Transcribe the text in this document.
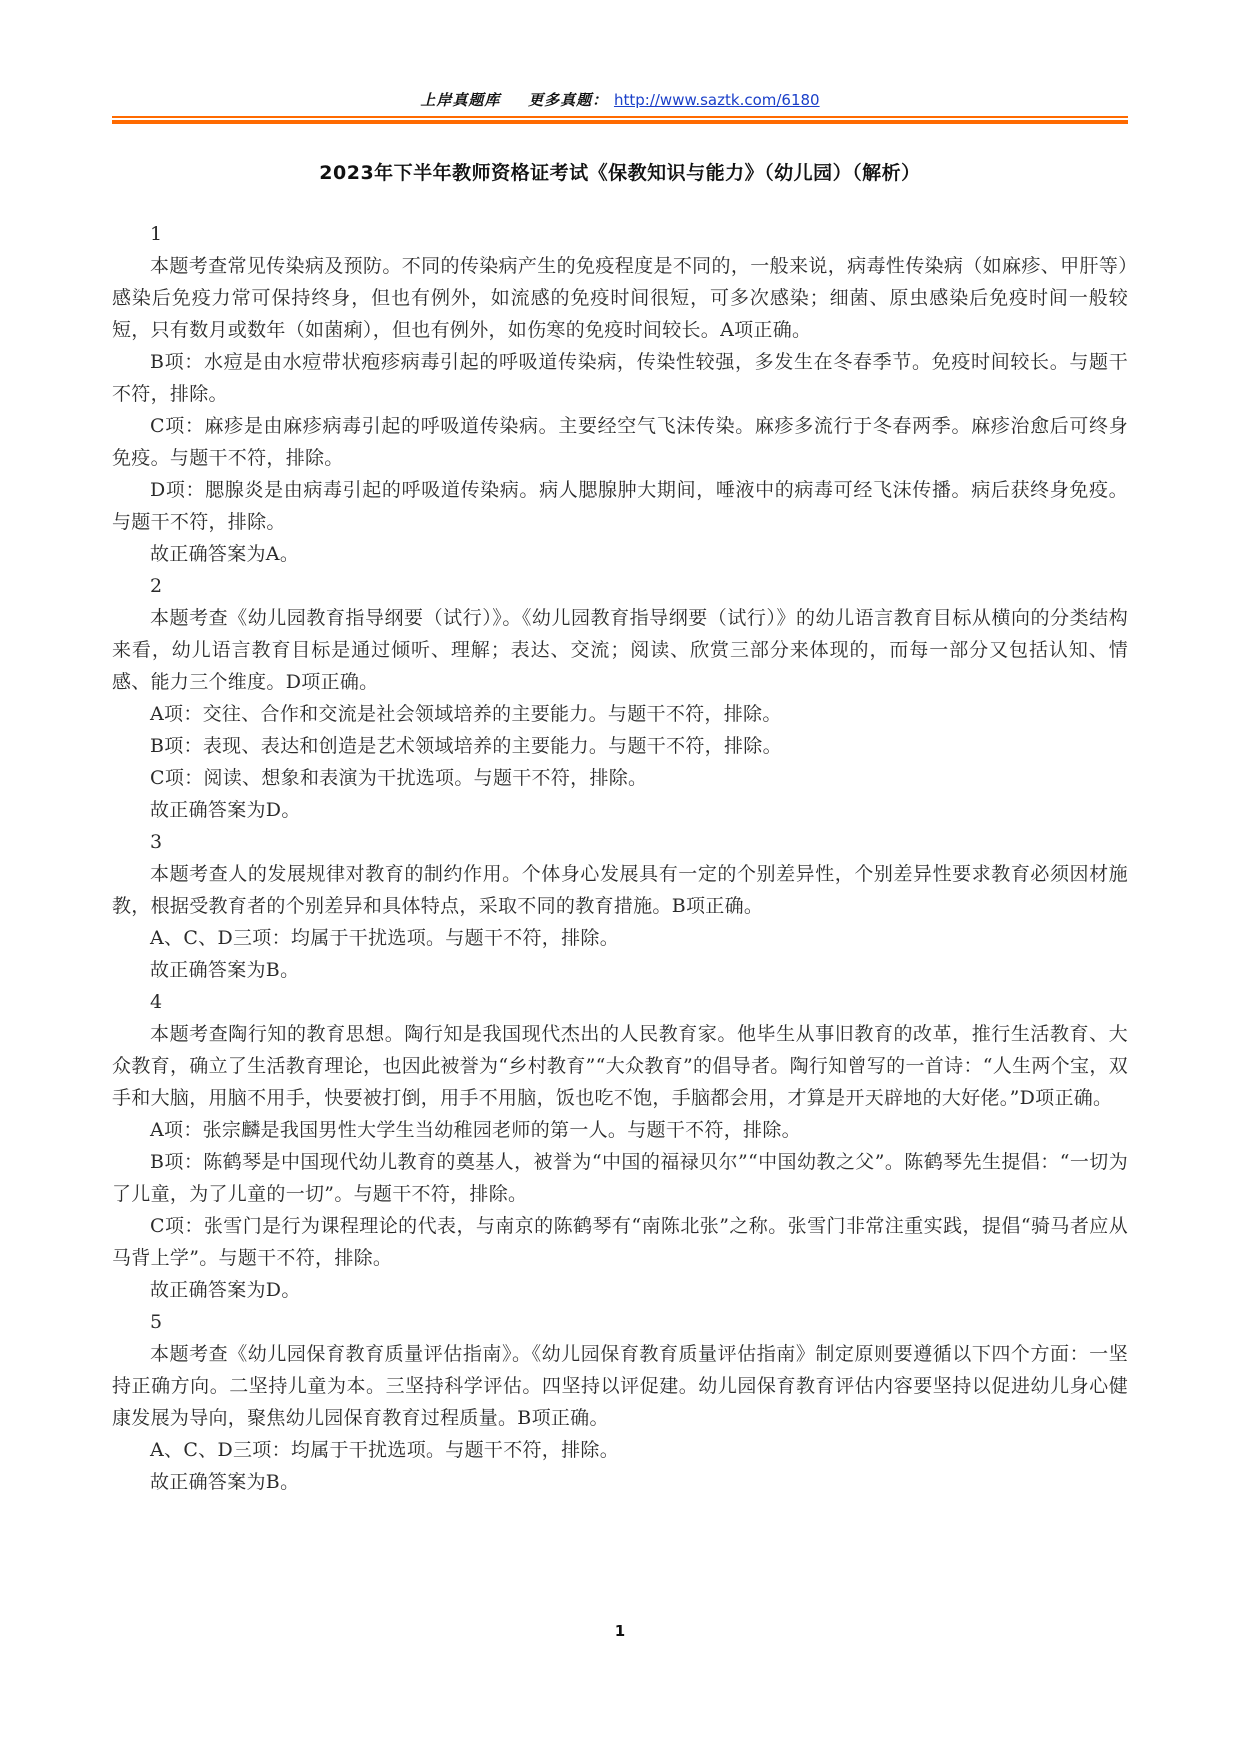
上岸真题库 更多真题： http://www.saztk.com/6180
2023年下半年教师资格证考试《保教知识与能力》（幼儿园）（解析）

1

本题考查常见传染病及预防。不同的传染病产生的免疫程度是不同的，一般来说，病毒性传染病（如麻疹、甲肝等）感染后免疫力常可保持终身，但也有例外，如流感的免疫时间很短，可多次感染；细菌、原虫感染后免疫时间一般较短，只有数月或数年（如菌痢），但也有例外，如伤寒的免疫时间较长。A项正确。

B项：水痘是由水痘带状疱疹病毒引起的呼吸道传染病，传染性较强，多发生在冬春季节。免疫时间较长。与题干不符，排除。

C项：麻疹是由麻疹病毒引起的呼吸道传染病。主要经空气飞沫传染。麻疹多流行于冬春两季。麻疹治愈后可终身免疫。与题干不符，排除。

D项：腮腺炎是由病毒引起的呼吸道传染病。病人腮腺肿大期间，唾液中的病毒可经飞沫传播。病后获终身免疫。与题干不符，排除。

故正确答案为A。

2

本题考查《幼儿园教育指导纲要（试行）》。《幼儿园教育指导纲要（试行）》的幼儿语言教育目标从横向的分类结构来看，幼儿语言教育目标是通过倾听、理解；表达、交流；阅读、欣赏三部分来体现的，而每一部分又包括认知、情感、能力三个维度。D项正确。

A项：交往、合作和交流是社会领域培养的主要能力。与题干不符，排除。

B项：表现、表达和创造是艺术领域培养的主要能力。与题干不符，排除。

C项：阅读、想象和表演为干扰选项。与题干不符，排除。

故正确答案为D。

3

本题考查人的发展规律对教育的制约作用。个体身心发展具有一定的个别差异性，个别差异性要求教育必须因材施教，根据受教育者的个别差异和具体特点，采取不同的教育措施。B项正确。

A、C、D三项：均属于干扰选项。与题干不符，排除。

故正确答案为B。

4

本题考查陶行知的教育思想。陶行知是我国现代杰出的人民教育家。他毕生从事旧教育的改革，推行生活教育、大众教育，确立了生活教育理论，也因此被誉为“乡村教育”“大众教育”的倡导者。陶行知曾写的一首诗：“人生两个宝，双手和大脑，用脑不用手，快要被打倒，用手不用脑，饭也吃不饱，手脑都会用，才算是开天辟地的大好佬。”D项正确。

A项：张宗麟是我国男性大学生当幼稚园老师的第一人。与题干不符，排除。

B项：陈鹤琴是中国现代幼儿教育的奠基人，被誉为“中国的福禄贝尔”“中国幼教之父”。陈鹤琴先生提倡：“一切为了儿童，为了儿童的一切”。与题干不符，排除。

C项：张雪门是行为课程理论的代表，与南京的陈鹤琴有“南陈北张”之称。张雪门非常注重实践，提倡“骑马者应从马背上学”。与题干不符，排除。

故正确答案为D。

5

本题考查《幼儿园保育教育质量评估指南》。《幼儿园保育教育质量评估指南》制定原则要遵循以下四个方面：一坚持正确方向。二坚持儿童为本。三坚持科学评估。四坚持以评促建。幼儿园保育教育评估内容要坚持以促进幼儿身心健康发展为导向，聚焦幼儿园保育教育过程质量。B项正确。

A、C、D三项：均属于干扰选项。与题干不符，排除。

故正确答案为B。

1
